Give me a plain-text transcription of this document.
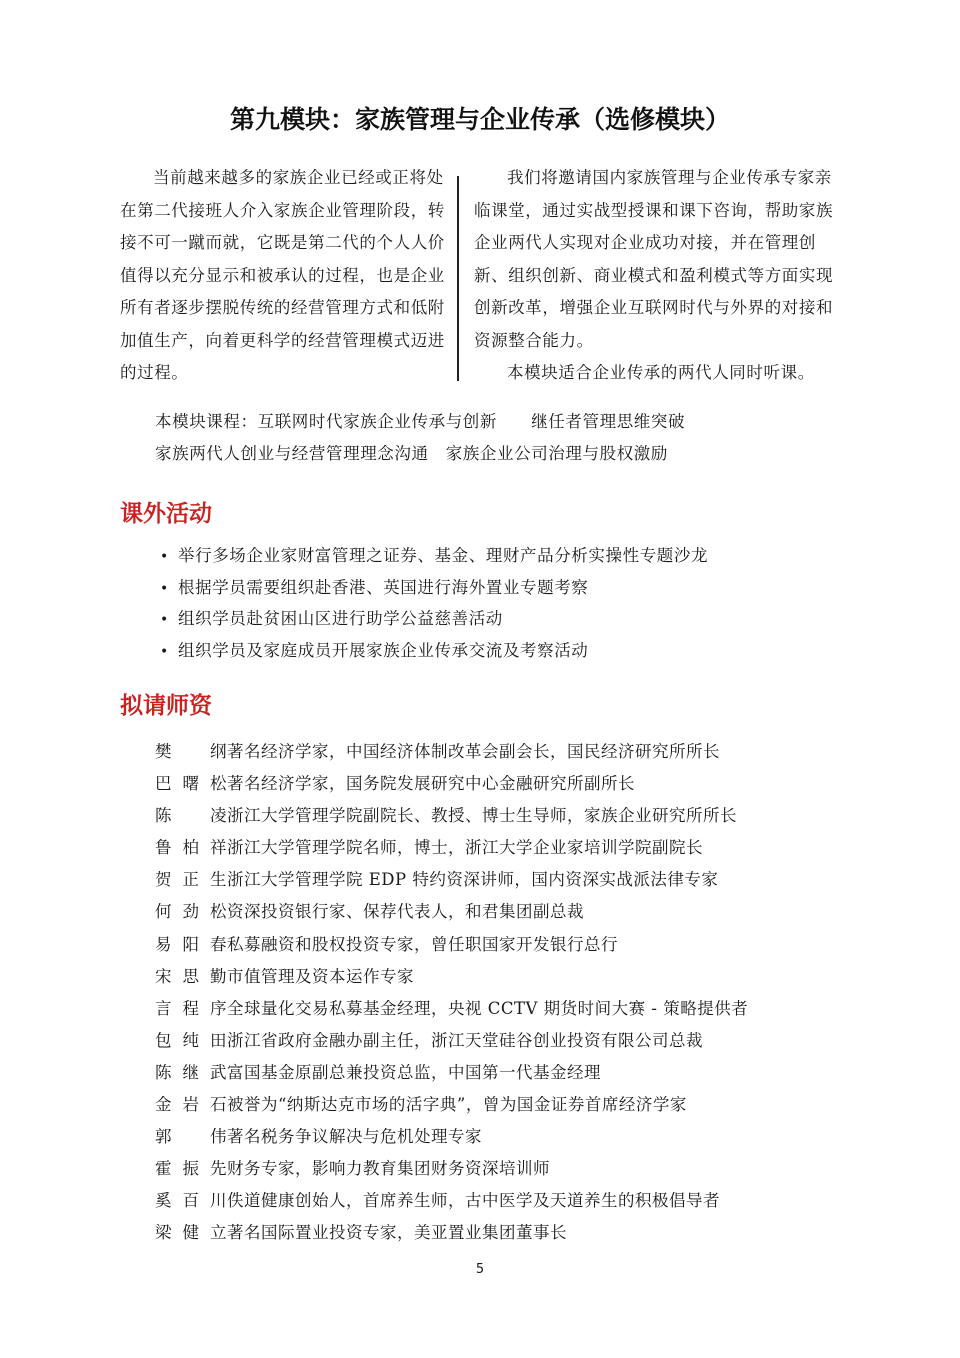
第九模块：家族管理与企业传承（选修模块）

当前越来越多的家族企业已经或正将处在第二代接班人介入家族企业管理阶段，转接不可一蹴而就，它既是第二代的个人人价值得以充分显示和被承认的过程，也是企业所有者逐步摆脱传统的经营管理方式和低附加值生产，向着更科学的经营管理模式迈进的过程。

我们将邀请国内家族管理与企业传承专家亲临课堂，通过实战型授课和课下咨询，帮助家族企业两代人实现对企业成功对接，并在管理创新、组织创新、商业模式和盈利模式等方面实现创新改革，增强企业互联网时代与外界的对接和资源整合能力。

本模块适合企业传承的两代人同时听课。

本模块课程：互联网时代家族企业传承与创新　　继任者管理思维突破
家族两代人创业与经营管理理念沟通　家族企业公司治理与股权激励
课外活动
• 举行多场企业家财富管理之证券、基金、理财产品分析实操性专题沙龙
• 根据学员需要组织赴香港、英国进行海外置业专题考察
• 组织学员赴贫困山区进行助学公益慈善活动
• 组织学员及家庭成员开展家族企业传承交流及考察活动
拟请师资
樊　纲著名经济学家，中国经济体制改革会副会长，国民经济研究所所长
巴曙松著名经济学家，国务院发展研究中心金融研究所副所长
陈　凌浙江大学管理学院副院长、教授、博士生导师，家族企业研究所所长
鲁柏祥浙江大学管理学院名师，博士，浙江大学企业家培训学院副院长
贺正生浙江大学管理学院 EDP 特约资深讲师，国内资深实战派法律专家
何劲松资深投资银行家、保荐代表人，和君集团副总裁
易阳春私募融资和股权投资专家，曾任职国家开发银行总行
宋思勤市值管理及资本运作专家
言程序全球量化交易私募基金经理，央视 CCTV 期货时间大赛 - 策略提供者
包纯田浙江省政府金融办副主任，浙江天堂硅谷创业投资有限公司总裁
陈继武富国基金原副总兼投资总监，中国第一代基金经理
金岩石被誉为“纳斯达克市场的活字典”，曾为国金证券首席经济学家
郭　伟著名税务争议解决与危机处理专家
霍振先财务专家，影响力教育集团财务资深培训师
奚百川佚道健康创始人，首席养生师，古中医学及天道养生的积极倡导者
梁健立著名国际置业投资专家，美亚置业集团董事长
5
